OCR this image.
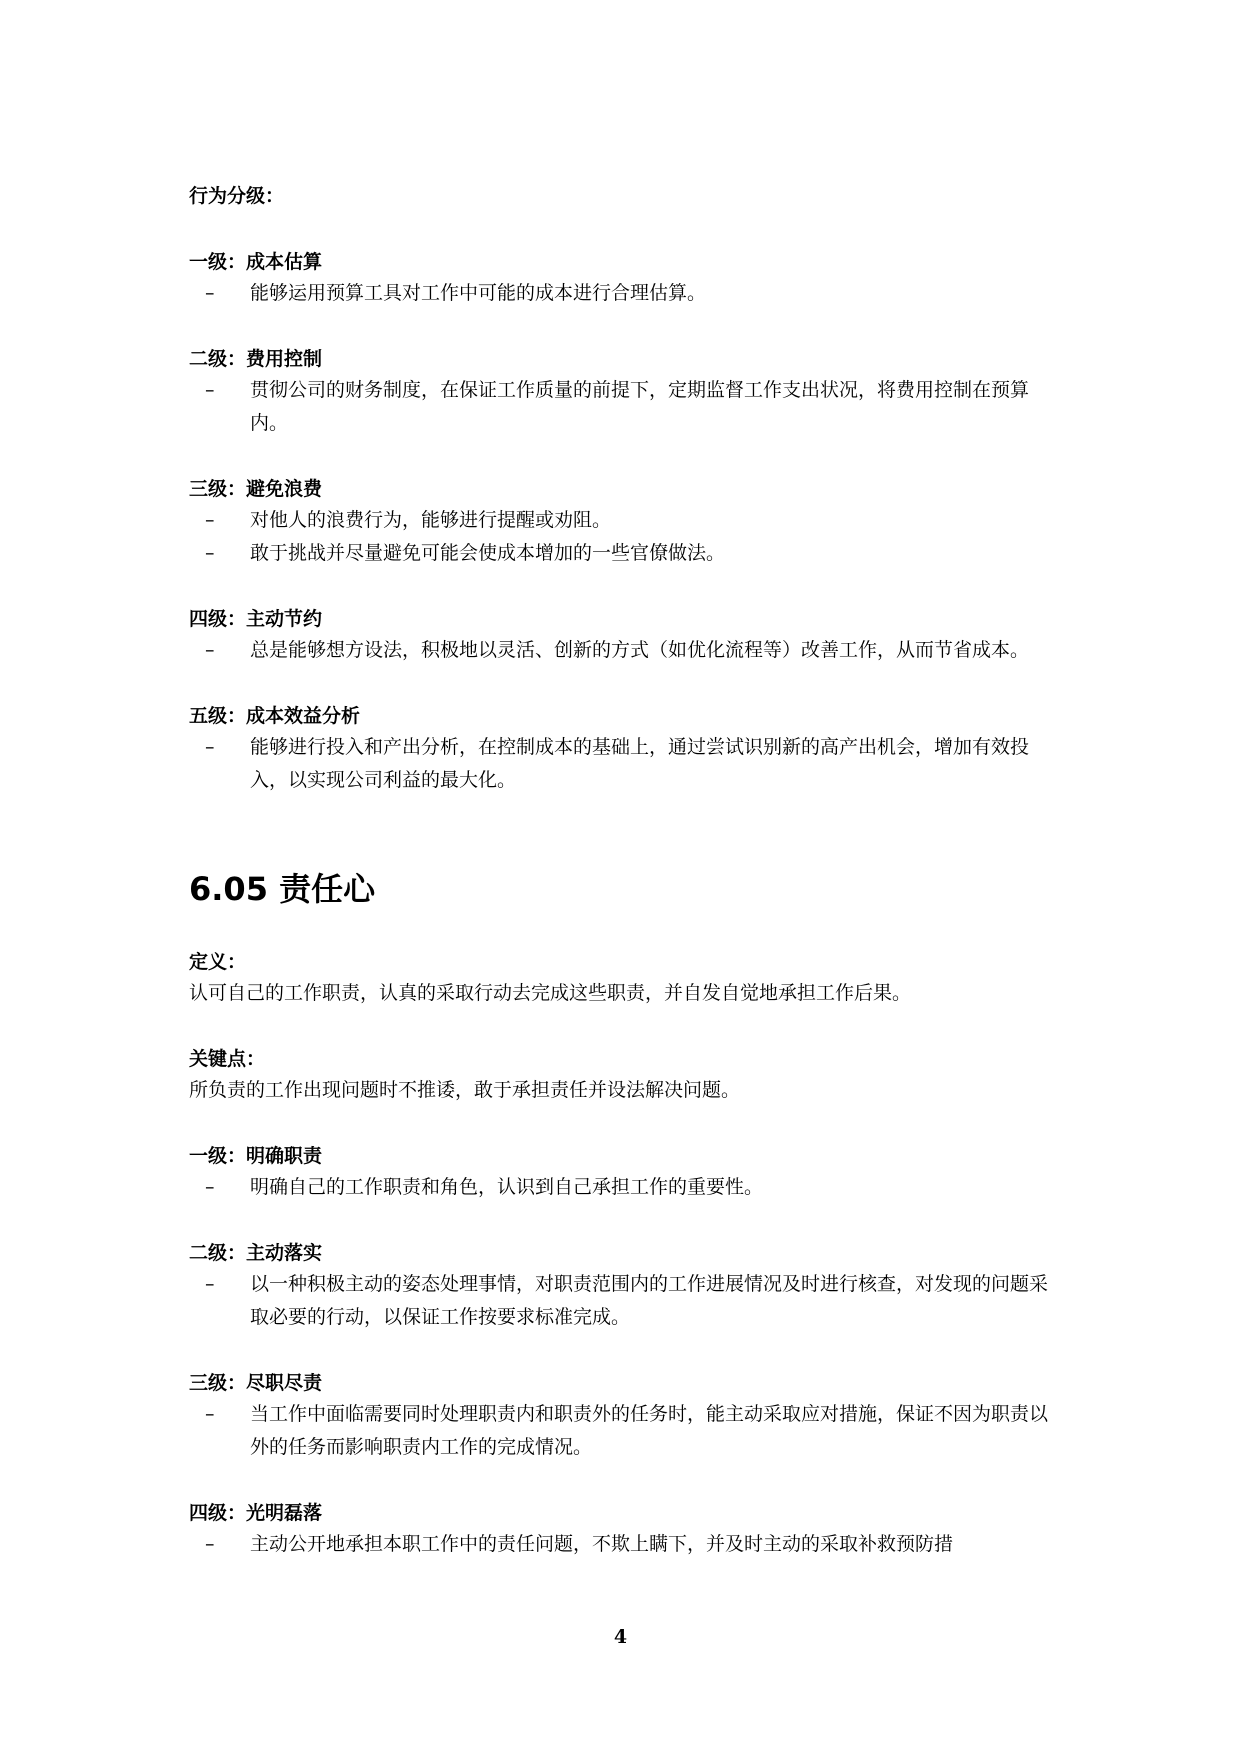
行为分级：
一级：成本估算
–	能够运用预算工具对工作中可能的成本进行合理估算。
二级：费用控制
–	贯彻公司的财务制度，在保证工作质量的前提下，定期监督工作支出状况，将费用控制在预算内。
三级：避免浪费
–	对他人的浪费行为，能够进行提醒或劝阻。
–	敢于挑战并尽量避免可能会使成本增加的一些官僚做法。
四级：主动节约
–	总是能够想方设法，积极地以灵活、创新的方式（如优化流程等）改善工作，从而节省成本。
五级：成本效益分析
–	能够进行投入和产出分析，在控制成本的基础上，通过尝试识别新的高产出机会，增加有效投入，以实现公司利益的最大化。
6.05 责任心
定义：
认可自己的工作职责，认真的采取行动去完成这些职责，并自发自觉地承担工作后果。
关键点：
所负责的工作出现问题时不推诿，敢于承担责任并设法解决问题。
一级：明确职责
–	明确自己的工作职责和角色，认识到自己承担工作的重要性。
二级：主动落实
–	以一种积极主动的姿态处理事情，对职责范围内的工作进展情况及时进行核查，对发现的问题采取必要的行动，以保证工作按要求标准完成。
三级：尽职尽责
–	当工作中面临需要同时处理职责内和职责外的任务时，能主动采取应对措施，保证不因为职责以外的任务而影响职责内工作的完成情况。
四级：光明磊落
–	主动公开地承担本职工作中的责任问题，不欺上瞒下，并及时主动的采取补救预防措
4
